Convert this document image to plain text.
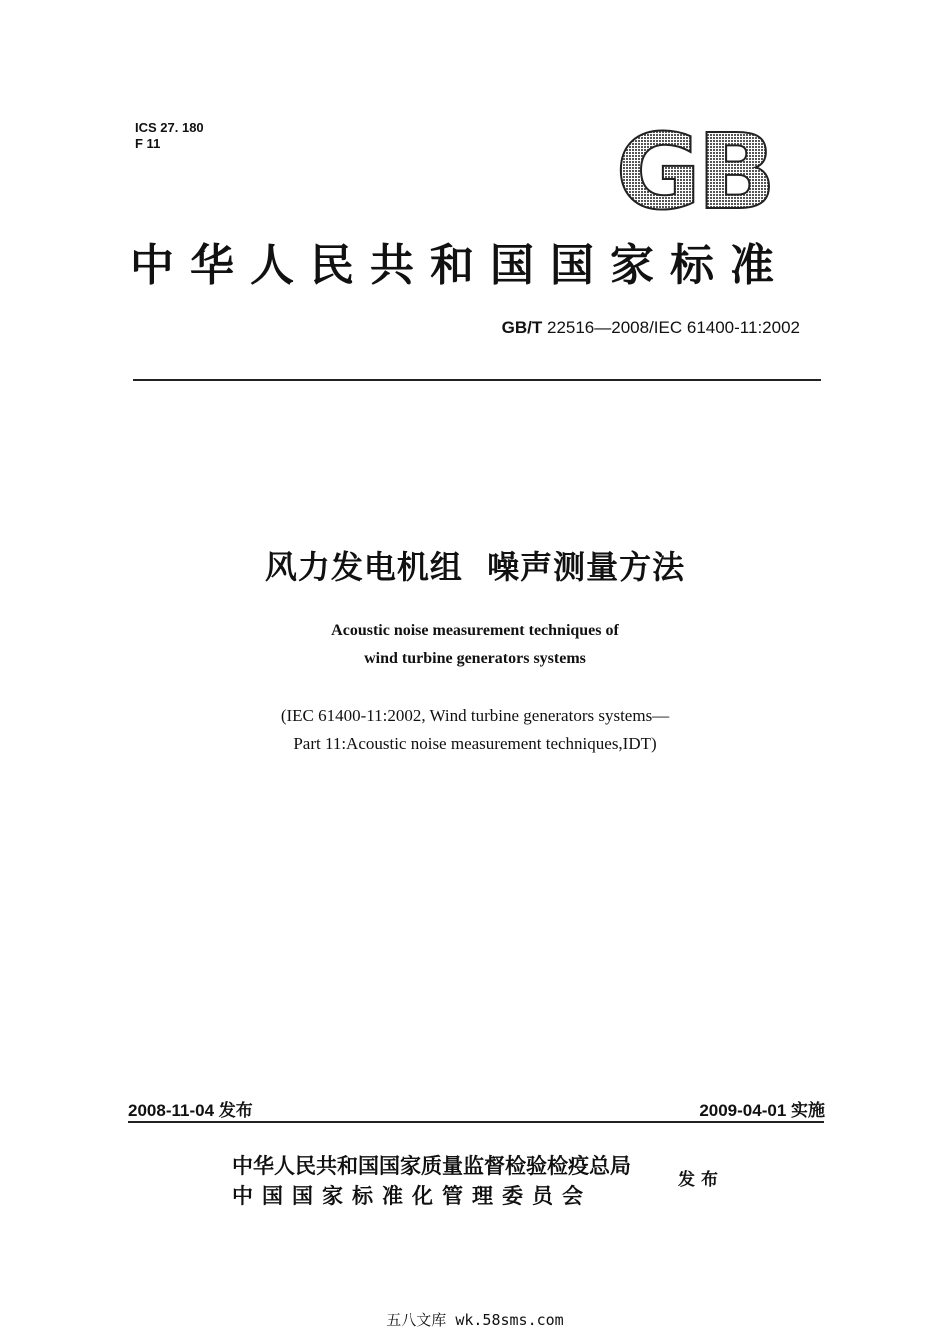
ICS 27. 180
F 11	GB
中华人民共和国国家标准
GB/T 22516—2008/IEC 61400-11:2002
风力发电机组  噪声测量方法
Acoustic noise measurement techniques of
wind turbine generators systems
(IEC 61400-11:2002, Wind turbine generators systems—
Part 11:Acoustic noise measurement techniques,IDT)
2008-11-04 发布	2009-04-01 实施
中华人民共和国国家质量监督检验检疫总局
中国国家标准化管理委员会
发布
五八文库 wk.58sms.com
